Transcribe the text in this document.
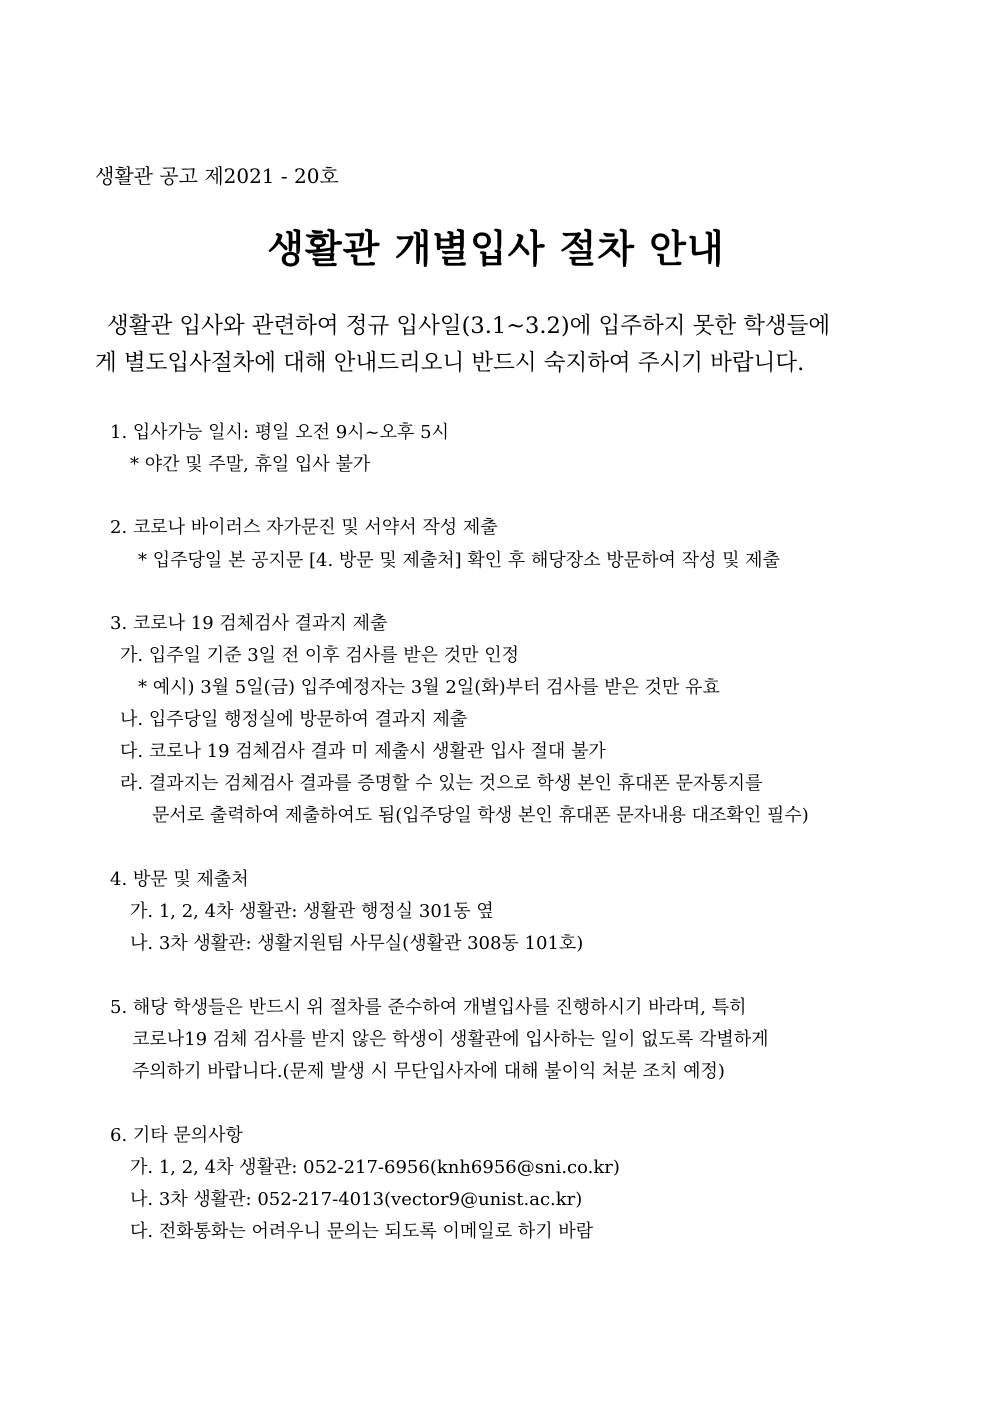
생활관 공고 제2021 - 20호
생활관 개별입사 절차 안내

생활관 입사와 관련하여 정규 입사일(3.1~3.2)에 입주하지 못한 학생들에

게 별도입사절차에 대해 안내드리오니 반드시 숙지하여 주시기 바랍니다.

1. 입사가능 일시: 평일 오전 9시~오후 5시
* 야간 및 주말, 휴일 입사 불가
2. 코로나 바이러스 자가문진 및 서약서 작성 제출
* 입주당일 본 공지문 [4. 방문 및 제출처] 확인 후 해당장소 방문하여 작성 및 제출
3. 코로나 19 검체검사 결과지 제출
가. 입주일 기준 3일 전 이후 검사를 받은 것만 인정
* 예시) 3월 5일(금) 입주예정자는 3월 2일(화)부터 검사를 받은 것만 유효
나. 입주당일 행정실에 방문하여 결과지 제출
다. 코로나 19 검체검사 결과 미 제출시 생활관 입사 절대 불가
라. 결과지는 검체검사 결과를 증명할 수 있는 것으로 학생 본인 휴대폰 문자통지를
문서로 출력하여 제출하여도 됨(입주당일 학생 본인 휴대폰 문자내용 대조확인 필수)
4. 방문 및 제출처
가. 1, 2, 4차 생활관: 생활관 행정실 301동 옆
나. 3차 생활관: 생활지원팀 사무실(생활관 308동 101호)
5. 해당 학생들은 반드시 위 절차를 준수하여 개별입사를 진행하시기 바라며, 특히
코로나19 검체 검사를 받지 않은 학생이 생활관에 입사하는 일이 없도록 각별하게
주의하기 바랍니다.(문제 발생 시 무단입사자에 대해 불이익 처분 조치 예정)
6. 기타 문의사항
가. 1, 2, 4차 생활관: 052-217-6956(knh6956@sni.co.kr)
나. 3차 생활관: 052-217-4013(vector9@unist.ac.kr)
다. 전화통화는 어려우니 문의는 되도록 이메일로 하기 바람
